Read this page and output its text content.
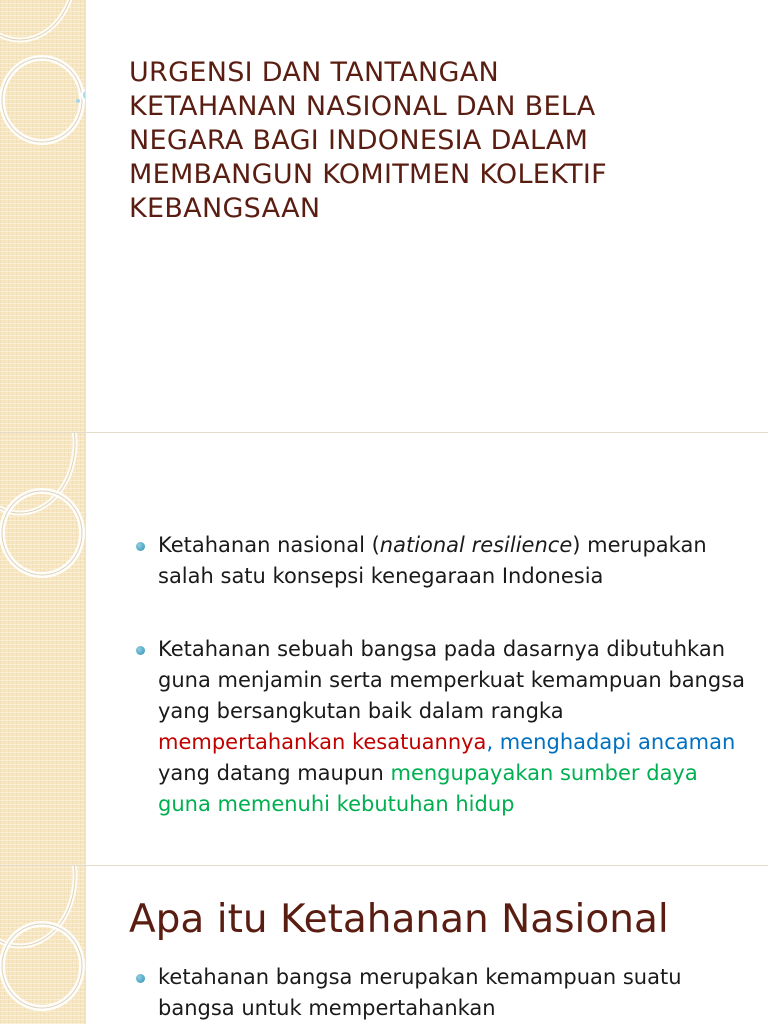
URGENSI DAN TANTANGAN
KETAHANAN NASIONAL DAN BELA
NEGARA BAGI INDONESIA DALAM
MEMBANGUN KOMITMEN KOLEKTIF
KEBANGSAAN
Ketahanan nasional (national resilience) merupakan salah satu konsepsi kenegaraan Indonesia
Ketahanan sebuah bangsa pada dasarnya dibutuhkan guna menjamin serta memperkuat kemampuan bangsa yang bersangkutan baik dalam rangka mempertahankan kesatuannya, menghadapi ancaman yang datang maupun mengupayakan sumber daya guna memenuhi kebutuhan hidup
Apa itu Ketahanan Nasional
ketahanan bangsa merupakan kemampuan suatu bangsa untuk mempertahankan
